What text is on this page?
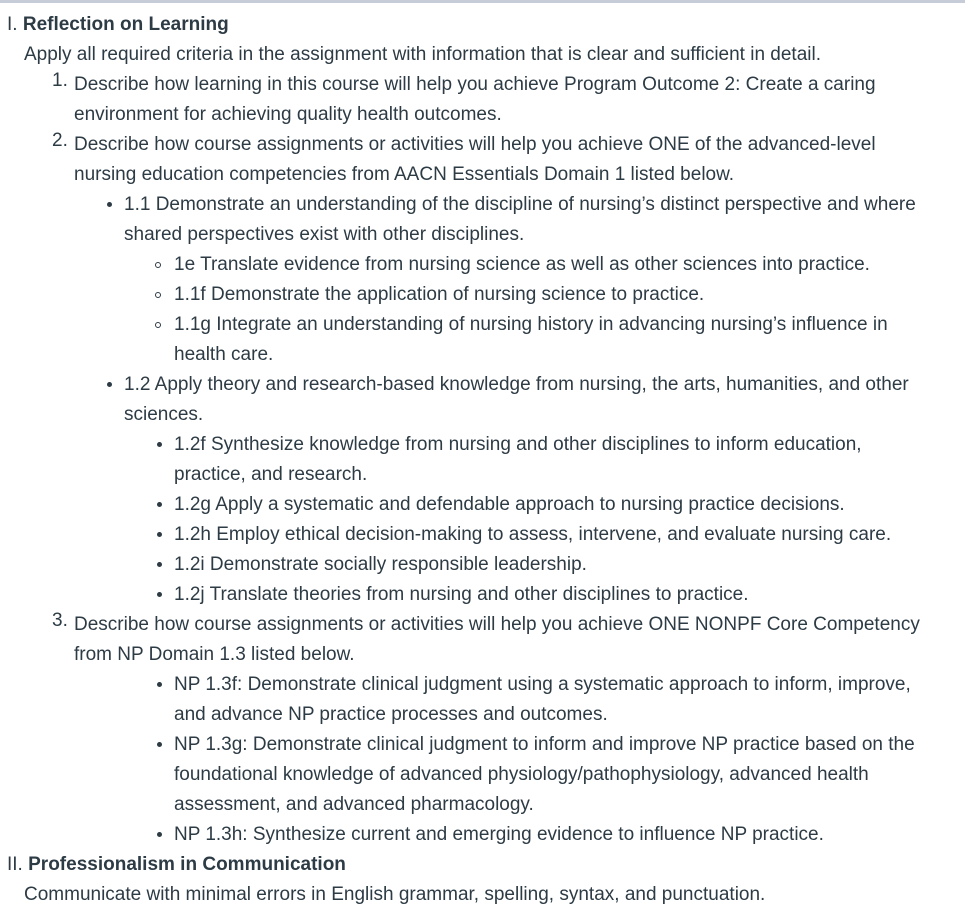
I. Reflection on Learning
Apply all required criteria in the assignment with information that is clear and sufficient in detail.
1. Describe how learning in this course will help you achieve Program Outcome 2: Create a caring
environment for achieving quality health outcomes.
2. Describe how course assignments or activities will help you achieve ONE of the advanced-level
nursing education competencies from AACN Essentials Domain 1 listed below.
1.1 Demonstrate an understanding of the discipline of nursing’s distinct perspective and where
shared perspectives exist with other disciplines.
1e Translate evidence from nursing science as well as other sciences into practice.
1.1f Demonstrate the application of nursing science to practice.
1.1g Integrate an understanding of nursing history in advancing nursing’s influence in
health care.
1.2 Apply theory and research-based knowledge from nursing, the arts, humanities, and other
sciences.
1.2f Synthesize knowledge from nursing and other disciplines to inform education,
practice, and research.
1.2g Apply a systematic and defendable approach to nursing practice decisions.
1.2h Employ ethical decision-making to assess, intervene, and evaluate nursing care.
1.2i Demonstrate socially responsible leadership.
1.2j Translate theories from nursing and other disciplines to practice.
3. Describe how course assignments or activities will help you achieve ONE NONPF Core Competency
from NP Domain 1.3 listed below.
NP 1.3f: Demonstrate clinical judgment using a systematic approach to inform, improve,
and advance NP practice processes and outcomes.
NP 1.3g: Demonstrate clinical judgment to inform and improve NP practice based on the
foundational knowledge of advanced physiology/pathophysiology, advanced health
assessment, and advanced pharmacology.
NP 1.3h: Synthesize current and emerging evidence to influence NP practice.
II. Professionalism in Communication
Communicate with minimal errors in English grammar, spelling, syntax, and punctuation.
